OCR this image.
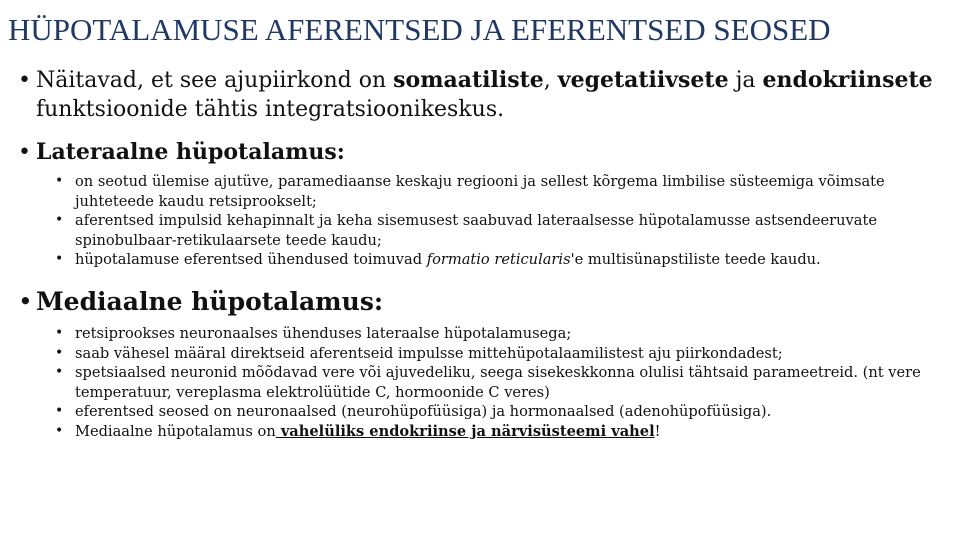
HÜPOTALAMUSE AFERENTSED JA EFERENTSED SEOSED
• Näitavad, et see ajupiirkond on somaatiliste, vegetatiivsete ja endokriinsete funktsioonide tähtis integratsioonikeskus.
• Lateraalne hüpotalamus:
• on seotud ülemise ajutüve, paramediaanse keskaju regiooni ja sellest kõrgema limbilise süsteemiga võimsate juhteteede kaudu retsiprookselt;
• aferentsed impulsid kehapinnalt ja keha sisemusest saabuvad lateraalsesse hüpotalamusse astsendeeruvate spinobulbaar-retikulaarsete teede kaudu;
• hüpotalamuse eferentsed ühendused toimuvad formatio reticularis'e multisünapstiliste teede kaudu.
• Mediaalne hüpotalamus:
• retsiprookses neuronaalses ühenduses lateraalse hüpotalamusega;
• saab vähesel määral direktseid aferentseid impulsse mittehüpotalaamilistest aju piirkondadest;
• spetsiaalsed neuronid mõõdavad vere või ajuvedeliku, seega sisekeskkonna olulisi tähtsaid parameetreid. (nt vere temperatuur, vereplasma elektrolüütide C, hormoonide C veres)
• eferentsed seosed on neuronaalsed (neurohüpofüüsiga) ja hormonaalsed (adenohüpofüüsiga).
• Mediaalne hüpotalamus on vahelüliks endokriinse ja närvisüsteemi vahel!
